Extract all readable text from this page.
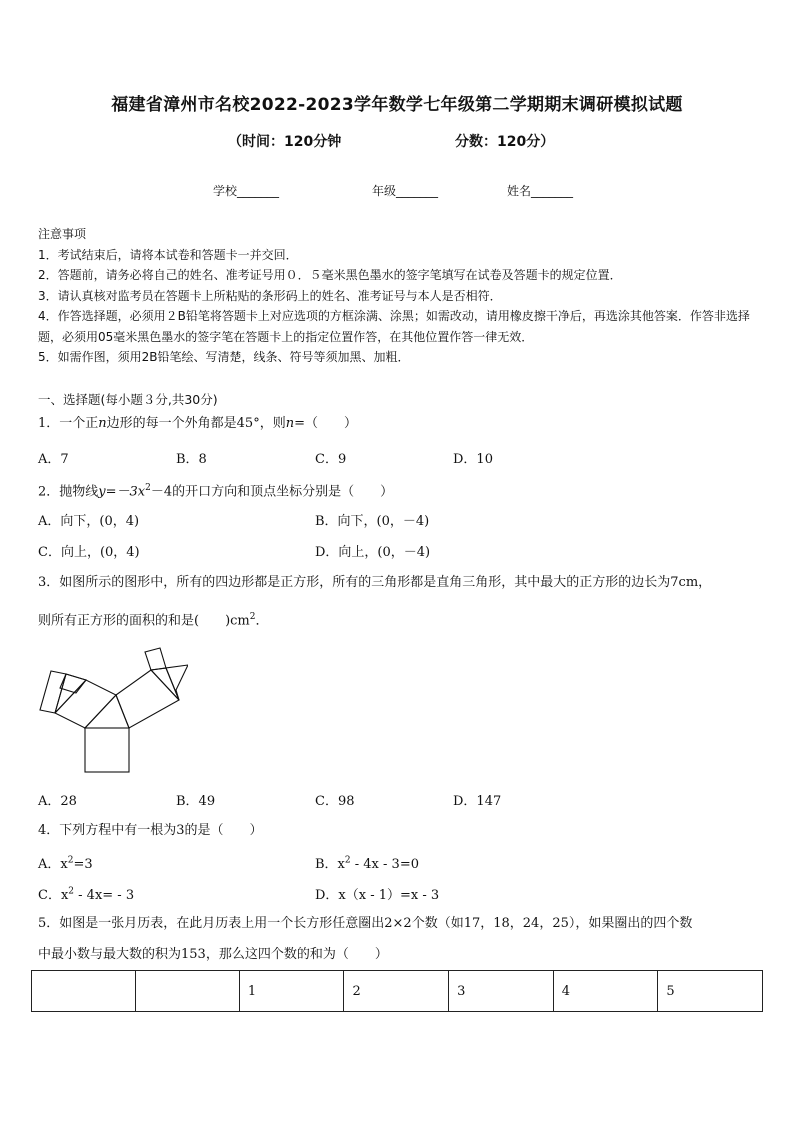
福建省漳州市名校2022-2023学年数学七年级第二学期期末调研模拟试题
（时间：120分钟	分数：120分）
学校_______	年级_______	姓名_______

注意事项

1．考试结束后，请将本试卷和答题卡一并交回．

2．答题前，请务必将自己的姓名、准考证号用０．５毫米黑色墨水的签字笔填写在试卷及答题卡的规定位置．

3．请认真核对监考员在答题卡上所粘贴的条形码上的姓名、准考证号与本人是否相符．

4．作答选择题，必须用２B铅笔将答题卡上对应选项的方框涂满、涂黑；如需改动，请用橡皮擦干净后，再选涂其他答案．作答非选择题，必须用05毫米黑色墨水的签字笔在答题卡上的指定位置作答，在其他位置作答一律无效．

5．如需作图，须用2B铅笔绘、写清楚，线条、符号等须加黑、加粗．

一、选择题(每小题３分,共30分)
1．一个正n边形的每一个外角都是45°，则n=（　　）
A．7	B．8	C．9	D．10
2．抛物线$y=-3x^2-4$的开口方向和顶点坐标分别是（　　）
A．向下，(0，4)	B．向下，(0，－4)
C．向上，(0，4)	D．向上，(0，－4)
3．如图所示的图形中，所有的四边形都是正方形，所有的三角形都是直角三角形，其中最大的正方形的边长为7cm，
则所有正方形的面积的和是(　　)$cm^2$．
A．28	B．49	C．98	D．147
4．下列方程中有一根为3的是（　　）
A．$x^2=3$	B．$x^2 - 4x - 3=0$
C．$x^2 - 4x= - 3$	D．x（x - 1）=x - 3
5．如图是一张月历表，在此月历表上用一个长方形任意圈出2×2个数（如17，18，24，25），如果圈出的四个数
中最小数与最大数的积为153，那么这四个数的和为（　　）
		1	2	3	4	5
